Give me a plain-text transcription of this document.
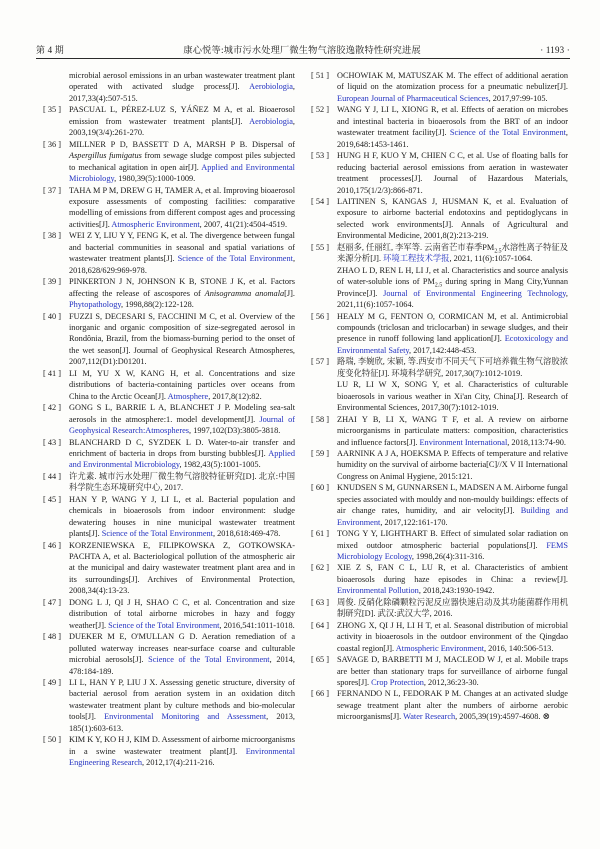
第 4 期	康心悦等:城市污水处理厂微生物气溶胶逸散特性研究进展	· 1193 ·
microbial aerosol emissions in an urban wastewater treatment plant operated with activated sludge process[J]. Aerobiologia, 2017,33(4):507-515.
[ 35 ] PASCUAL L, PÉREZ-LUZ S, YÁÑEZ M A, et al. Bioaerosol emission from wastewater treatment plants[J]. Aerobiologia, 2003,19(3/4):261-270.
[ 36 ] MILLNER P D, BASSETT D A, MARSH P B. Dispersal of Aspergillus fumigatus from sewage sludge compost piles subjected to mechanical agitation in open air[J]. Applied and Environmental Microbiology, 1980,39(5):1000-1009.
[ 37 ] TAHA M P M, DREW G H, TAMER A, et al. Improving bioaerosol exposure assessments of composting facilities: comparative modelling of emissions from different compost ages and processing activities[J]. Atmospheric Environment, 2007, 41(21):4504-4519.
[ 38 ] WEI Z Y, LIU Y Y, FENG K, et al. The divergence between fungal and bacterial communities in seasonal and spatial variations of wastewater treatment plants[J]. Science of the Total Environment, 2018,628/629:969-978.
[ 39 ] PINKERTON J N, JOHNSON K B, STONE J K, et al. Factors affecting the release of ascospores of Anisogramma anomala[J]. Phytopathology, 1998,88(2):122-128.
[ 40 ] FUZZI S, DECESARI S, FACCHINI M C, et al. Overview of the inorganic and organic composition of size-segregated aerosol in Rondônia, Brazil, from the biomass-burning period to the onset of the wet season[J]. Journal of Geophysical Research Atmospheres, 2007,112(D1):D01201.
[ 41 ] LI M, YU X W, KANG H, et al. Concentrations and size distributions of bacteria-containing particles over oceans from China to the Arctic Ocean[J]. Atmosphere, 2017,8(12):82.
[ 42 ] GONG S L, BARRIE L A, BLANCHET J P. Modeling sea-salt aerosols in the atmosphere:1. model development[J]. Journal of Geophysical Research:Atmospheres, 1997,102(D3):3805-3818.
[ 43 ] BLANCHARD D C, SYZDEK L D. Water-to-air transfer and enrichment of bacteria in drops from bursting bubbles[J]. Applied and Environmental Microbiology, 1982,43(5):1001-1005.
[ 44 ] 许尤素. 城市污水处理厂微生物气溶胶特征研究[D]. 北京:中国科学院生态环境研究中心, 2017.
[ 45 ] HAN Y P, WANG Y J, LI L, et al. Bacterial population and chemicals in bioaerosols from indoor environment: sludge dewatering houses in nine municipal wastewater treatment plants[J]. Science of the Total Environment, 2018,618:469-478.
[ 46 ] KORZENIEWSKA E, FILIPKOWSKA Z, GOTKOWSKA-PACHTA A, et al. Bacteriological pollution of the atmospheric air at the municipal and dairy wastewater treatment plant area and in its surroundings[J]. Archives of Environmental Protection, 2008,34(4):13-23.
[ 47 ] DONG L J, QI J H, SHAO C C, et al. Concentration and size distribution of total airborne microbes in hazy and foggy weather[J]. Science of the Total Environment, 2016,541:1011-1018.
[ 48 ] DUEKER M E, O'MULLAN G D. Aeration remediation of a polluted waterway increases near-surface coarse and culturable microbial aerosols[J]. Science of the Total Environment, 2014, 478:184-189.
[ 49 ] LI L, HAN Y P, LIU J X. Assessing genetic structure, diversity of bacterial aerosol from aeration system in an oxidation ditch wastewater treatment plant by culture methods and bio-molecular tools[J]. Environmental Monitoring and Assessment, 2013, 185(1):603-613.
[ 50 ] KIM K Y, KO H J, KIM D. Assessment of airborne microorganisms in a swine wastewater treatment plant[J]. Environmental Engineering Research, 2012,17(4):211-216.
[ 51 ] OCHOWIAK M, MATUSZAK M. The effect of additional aeration of liquid on the atomization process for a pneumatic nebulizer[J]. European Journal of Pharmaceutical Sciences, 2017,97:99-105.
[ 52 ] WANG Y J, LI L, XIONG R, et al. Effects of aeration on microbes and intestinal bacteria in bioaerosols from the BRT of an indoor wastewater treatment facility[J]. Science of the Total Environment, 2019,648:1453-1461.
[ 53 ] HUNG H F, KUO Y M, CHIEN C C, et al. Use of floating balls for reducing bacterial aerosol emissions from aeration in wastewater treatment processes[J]. Journal of Hazardous Materials, 2010,175(1/2/3):866-871.
[ 54 ] LAITINEN S, KANGAS J, HUSMAN K, et al. Evaluation of exposure to airborne bacterial endotoxins and peptidoglycans in selected work environments[J]. Annals of Agricultural and Environmental Medicine, 2001,8(2):213-219.
[ 55 ] 赵丽多, 任丽红, 李军等. 云南省芒市春季$PM_{2.5}$水溶性离子特征及来源分析[J]. 环境工程技术学报, 2021, 11(6):1057-1064.
ZHAO L D, REN L H, LI J, et al. Characteristics and source analysis of water-soluble ions of $PM_{2.5}$ during spring in Mang City,Yunnan Province[J]. Journal of Environmental Engineering Technology, 2021,11(6):1057-1064.
[ 56 ] HEALY M G, FENTON O, CORMICAN M, et al. Antimicrobial compounds (triclosan and triclocarban) in sewage sludges, and their presence in runoff following land application[J]. Ecotoxicology and Environmental Safety, 2017,142:448-453.
[ 57 ] 路瑞, 李婉欣, 宋颖, 等.西安市不同天气下可培养微生物气溶胶浓度变化特征[J]. 环境科学研究, 2017,30(7):1012-1019.
LU R, LI W X, SONG Y, et al. Characteristics of culturable bioaerosols in various weather in Xi'an City, China[J]. Research of Environmental Sciences, 2017,30(7):1012-1019.
[ 58 ] ZHAI Y B, LI X, WANG T F, et al. A review on airborne microorganisms in particulate matters: composition, characteristics and influence factors[J]. Environment International, 2018,113:74-90.
[ 59 ] AARNINK A J A, HOEKSMA P. Effects of temperature and relative humidity on the survival of airborne bacteria[C]//X V II International Congress on Animal Hygiene, 2015:121.
[ 60 ] KNUDSEN S M, GUNNARSEN L, MADSEN A M. Airborne fungal species associated with mouldy and non-mouldy buildings: effects of air change rates, humidity, and air velocity[J]. Building and Environment, 2017,122:161-170.
[ 61 ] TONG Y Y, LIGHTHART B. Effect of simulated solar radiation on mixed outdoor atmospheric bacterial populations[J]. FEMS Microbiology Ecology, 1998,26(4):311-316.
[ 62 ] XIE Z S, FAN C L, LU R, et al. Characteristics of ambient bioaerosols during haze episodes in China: a review[J]. Environmental Pollution, 2018,243:1930-1942.
[ 63 ] 周俊. 反硝化除磷颗粒污泥反应器快速启动及其功能菌群作用机制研究[D]. 武汉:武汉大学, 2016.
[ 64 ] ZHONG X, QI J H, LI H T, et al. Seasonal distribution of microbial activity in bioaerosols in the outdoor environment of the Qingdao coastal region[J]. Atmospheric Environment, 2016, 140:506-513.
[ 65 ] SAVAGE D, BARBETTI M J, MACLEOD W J, et al. Mobile traps are better than stationary traps for surveillance of airborne fungal spores[J]. Crop Protection, 2012,36:23-30.
[ 66 ] FERNANDO N L, FEDORAK P M. Changes at an activated sludge sewage treatment plant alter the numbers of airborne aerobic microorganisms[J]. Water Research, 2005,39(19):4597-4608. ⊗
